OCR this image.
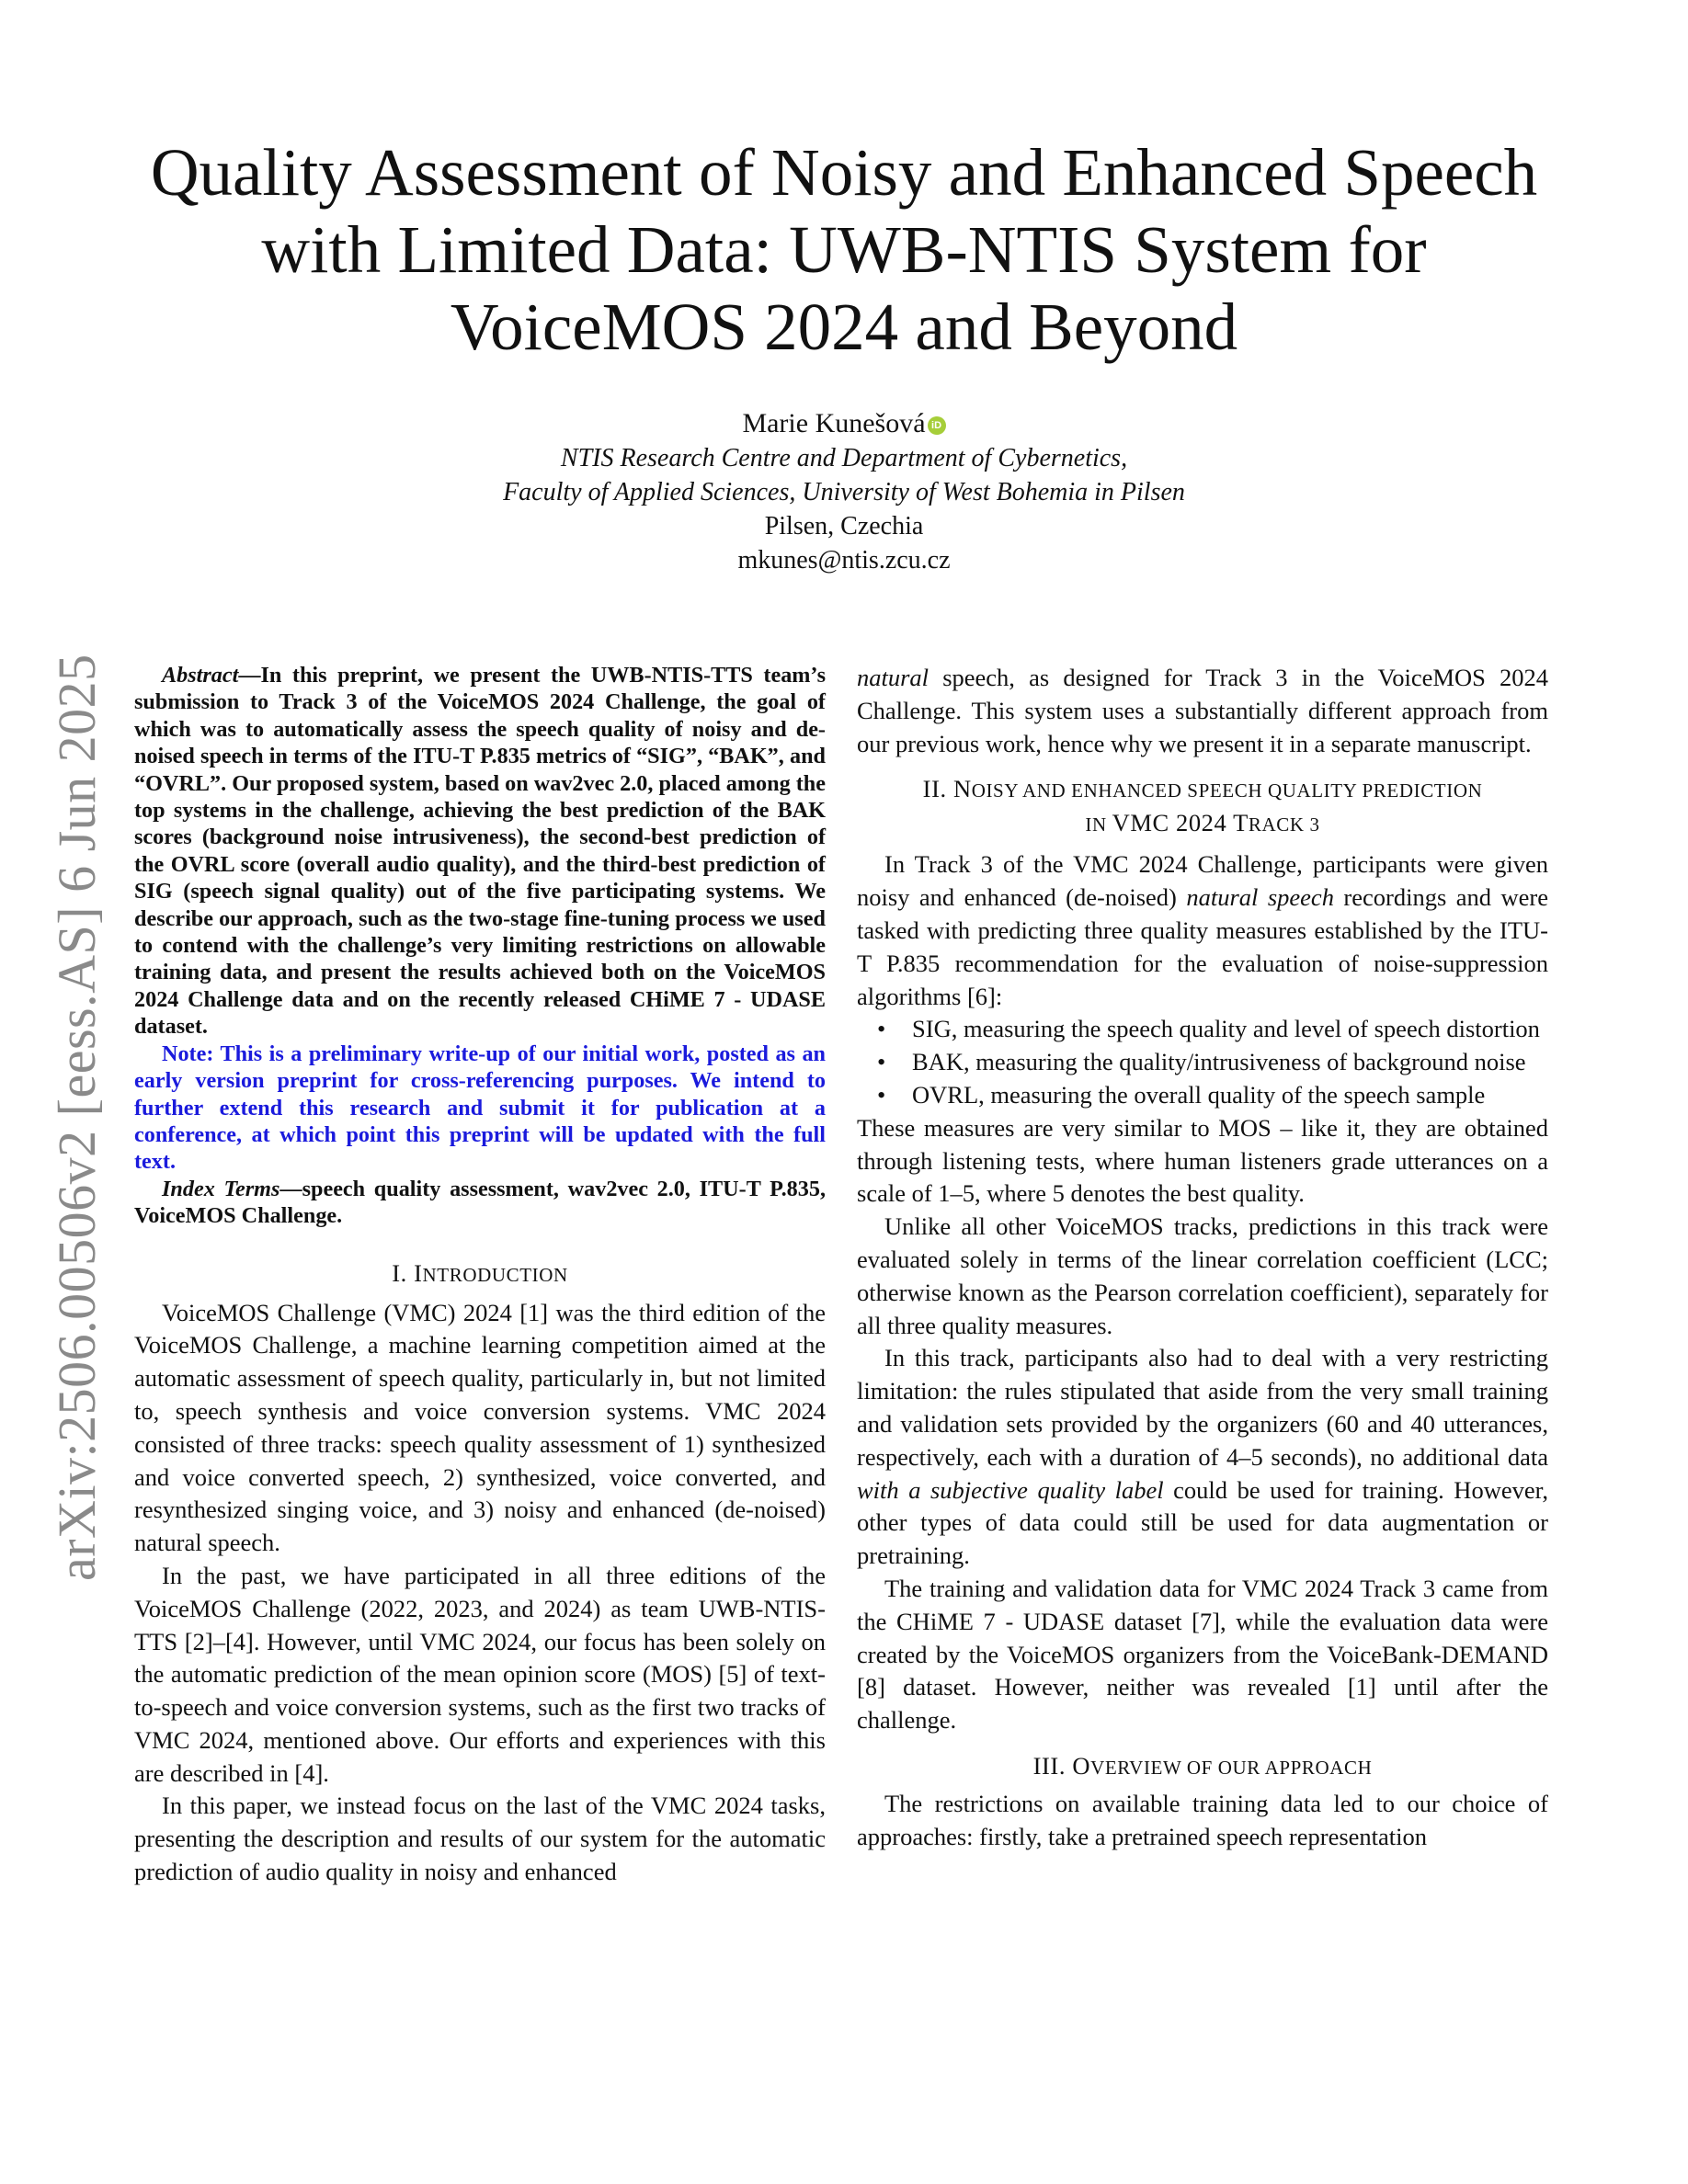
arXiv:2506.00506v2 [eess.AS] 6 Jun 2025
Quality Assessment of Noisy and Enhanced Speech with Limited Data: UWB-NTIS System for VoiceMOS 2024 and Beyond
Marie Kunešová iD
NTIS Research Centre and Department of Cybernetics,
Faculty of Applied Sciences, University of West Bohemia in Pilsen
Pilsen, Czechia
mkunes@ntis.zcu.cz

Abstract—In this preprint, we present the UWB-NTIS-TTS team’s submission to Track 3 of the VoiceMOS 2024 Challenge, the goal of which was to automatically assess the speech quality of noisy and de-noised speech in terms of the ITU-T P.835 metrics of “SIG”, “BAK”, and “OVRL”. Our proposed system, based on wav2vec 2.0, placed among the top systems in the challenge, achieving the best prediction of the BAK scores (background noise intrusiveness), the second-best prediction of the OVRL score (overall audio quality), and the third-best prediction of SIG (speech signal quality) out of the five participating systems. We describe our approach, such as the two-stage fine-tuning process we used to contend with the challenge’s very limiting restrictions on allowable training data, and present the results achieved both on the VoiceMOS 2024 Challenge data and on the recently released CHiME 7 - UDASE dataset.

Note: This is a preliminary write-up of our initial work, posted as an early version preprint for cross-referencing purposes. We intend to further extend this research and submit it for publication at a conference, at which point this preprint will be updated with the full text.

Index Terms—speech quality assessment, wav2vec 2.0, ITU-T P.835, VoiceMOS Challenge.

I. INTRODUCTION

VoiceMOS Challenge (VMC) 2024 [1] was the third edition of the VoiceMOS Challenge, a machine learning competition aimed at the automatic assessment of speech quality, particularly in, but not limited to, speech synthesis and voice conversion systems. VMC 2024 consisted of three tracks: speech quality assessment of 1) synthesized and voice converted speech, 2) synthesized, voice converted, and resynthesized singing voice, and 3) noisy and enhanced (de-noised) natural speech.

In the past, we have participated in all three editions of the VoiceMOS Challenge (2022, 2023, and 2024) as team UWB-NTIS-TTS [2]–[4]. However, until VMC 2024, our focus has been solely on the automatic prediction of the mean opinion score (MOS) [5] of text-to-speech and voice conversion systems, such as the first two tracks of VMC 2024, mentioned above. Our efforts and experiences with this are described in [4].

In this paper, we instead focus on the last of the VMC 2024 tasks, presenting the description and results of our system for the automatic prediction of audio quality in noisy and enhanced

natural speech, as designed for Track 3 in the VoiceMOS 2024 Challenge. This system uses a substantially different approach from our previous work, hence why we present it in a separate manuscript.

II. NOISY AND ENHANCED SPEECH QUALITY PREDICTION
IN VMC 2024 TRACK 3

In Track 3 of the VMC 2024 Challenge, participants were given noisy and enhanced (de-noised) natural speech recordings and were tasked with predicting three quality measures established by the ITU-T P.835 recommendation for the evaluation of noise-suppression algorithms [6]:

• SIG, measuring the speech quality and level of speech distortion
• BAK, measuring the quality/intrusiveness of background noise
• OVRL, measuring the overall quality of the speech sample

These measures are very similar to MOS – like it, they are obtained through listening tests, where human listeners grade utterances on a scale of 1–5, where 5 denotes the best quality.

Unlike all other VoiceMOS tracks, predictions in this track were evaluated solely in terms of the linear correlation coefficient (LCC; otherwise known as the Pearson correlation coefficient), separately for all three quality measures.

In this track, participants also had to deal with a very restricting limitation: the rules stipulated that aside from the very small training and validation sets provided by the organizers (60 and 40 utterances, respectively, each with a duration of 4–5 seconds), no additional data with a subjective quality label could be used for training. However, other types of data could still be used for data augmentation or pretraining.

The training and validation data for VMC 2024 Track 3 came from the CHiME 7 - UDASE dataset [7], while the evaluation data were created by the VoiceMOS organizers from the VoiceBank-DEMAND [8] dataset. However, neither was revealed [1] until after the challenge.

III. OVERVIEW OF OUR APPROACH

The restrictions on available training data led to our choice of approaches: firstly, take a pretrained speech representation
